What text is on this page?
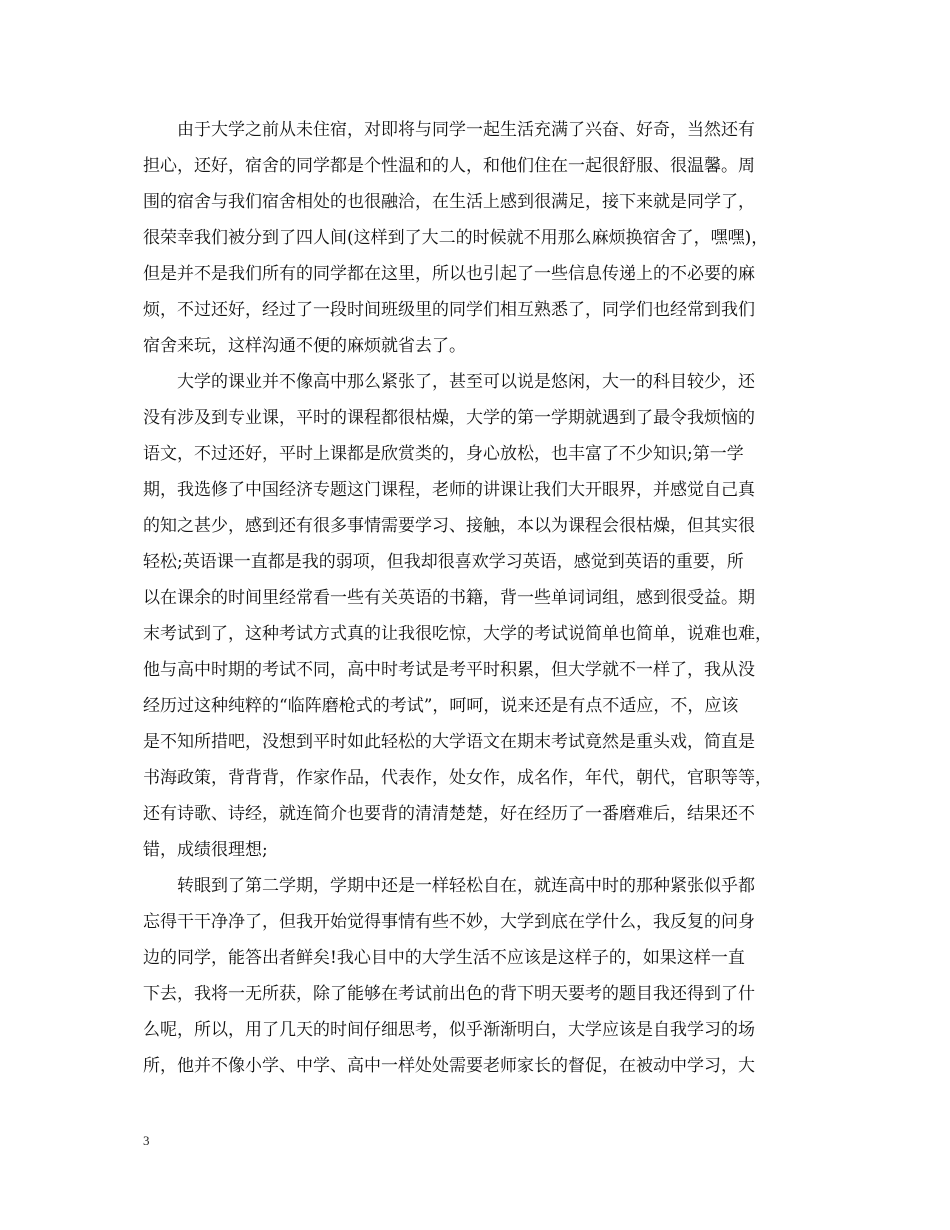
　　由于大学之前从未住宿，对即将与同学一起生活充满了兴奋、好奇，当然还有
担心，还好，宿舍的同学都是个性温和的人，和他们住在一起很舒服、很温馨。周
围的宿舍与我们宿舍相处的也很融洽，在生活上感到很满足，接下来就是同学了，
很荣幸我们被分到了四人间(这样到了大二的时候就不用那么麻烦换宿舍了，嘿嘿)，
但是并不是我们所有的同学都在这里，所以也引起了一些信息传递上的不必要的麻
烦，不过还好，经过了一段时间班级里的同学们相互熟悉了，同学们也经常到我们
宿舍来玩，这样沟通不便的麻烦就省去了。
　　大学的课业并不像高中那么紧张了，甚至可以说是悠闲，大一的科目较少，还
没有涉及到专业课，平时的课程都很枯燥，大学的第一学期就遇到了最令我烦恼的
语文，不过还好，平时上课都是欣赏类的，身心放松，也丰富了不少知识;第一学
期，我选修了中国经济专题这门课程，老师的讲课让我们大开眼界，并感觉自己真
的知之甚少，感到还有很多事情需要学习、接触，本以为课程会很枯燥，但其实很
轻松;英语课一直都是我的弱项，但我却很喜欢学习英语，感觉到英语的重要，所
以在课余的时间里经常看一些有关英语的书籍，背一些单词词组，感到很受益。期
末考试到了，这种考试方式真的让我很吃惊，大学的考试说简单也简单，说难也难，
他与高中时期的考试不同，高中时考试是考平时积累，但大学就不一样了，我从没
经历过这种纯粹的“临阵磨枪式的考试”，呵呵，说来还是有点不适应，不，应该
是不知所措吧，没想到平时如此轻松的大学语文在期末考试竟然是重头戏，简直是
书海政策，背背背，作家作品，代表作，处女作，成名作，年代，朝代，官职等等，
还有诗歌、诗经，就连简介也要背的清清楚楚，好在经历了一番磨难后，结果还不
错，成绩很理想;
　　转眼到了第二学期，学期中还是一样轻松自在，就连高中时的那种紧张似乎都
忘得干干净净了，但我开始觉得事情有些不妙，大学到底在学什么，我反复的问身
边的同学，能答出者鲜矣!我心目中的大学生活不应该是这样子的，如果这样一直
下去，我将一无所获，除了能够在考试前出色的背下明天要考的题目我还得到了什
么呢，所以，用了几天的时间仔细思考，似乎渐渐明白，大学应该是自我学习的场
所，他并不像小学、中学、高中一样处处需要老师家长的督促，在被动中学习，大
3
